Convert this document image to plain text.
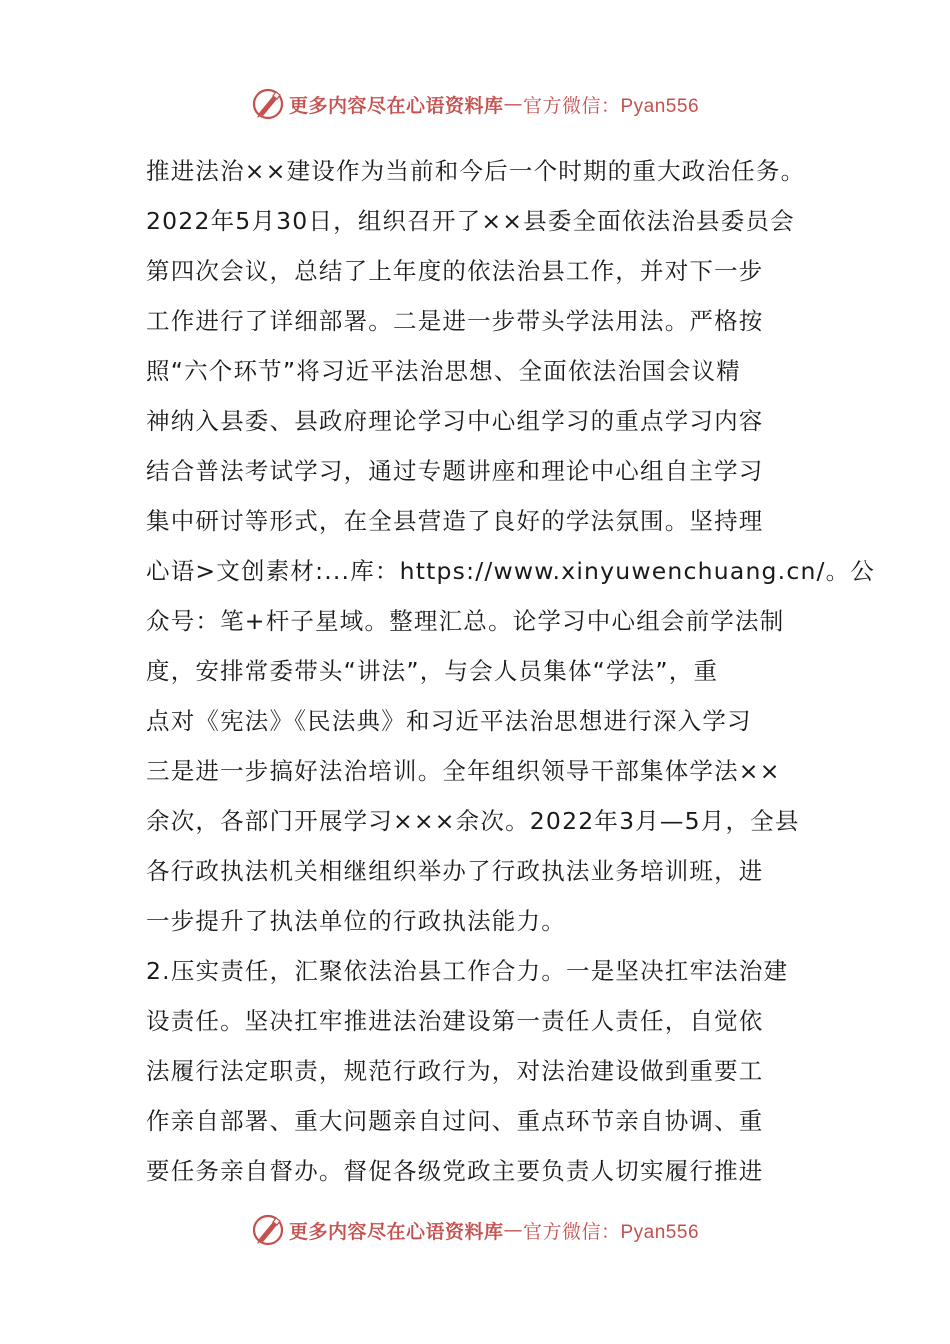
更多内容尽在心语资料库 — 官方微信：Pyan556
推进法治××建设作为当前和今后一个时期的重大政治任务。
2022年5月30日，组织召开了××县委全面依法治县委员会
第四次会议，总结了上年度的依法治县工作，并对下一步
工作进行了详细部署。二是进一步带头学法用法。严格按
照“六个环节”将习近平法治思想、全面依法治国会议精
神纳入县委、县政府理论学习中心组学习的重点学习内容
结合普法考试学习，通过专题讲座和理论中心组自主学习
集中研讨等形式，在全县营造了良好的学法氛围。坚持理
心语>文创素材:...库：https://www.xinyuwenchuang.cn/。公
众号：笔+杆子星域。整理汇总。论学习中心组会前学法制
度，安排常委带头“讲法”，与会人员集体“学法”，重
点对《宪法》《民法典》和习近平法治思想进行深入学习
三是进一步搞好法治培训。全年组织领导干部集体学法××
余次，各部门开展学习×××余次。2022年3月—5月，全县
各行政执法机关相继组织举办了行政执法业务培训班，进
一步提升了执法单位的行政执法能力。
2.压实责任，汇聚依法治县工作合力。一是坚决扛牢法治建
设责任。坚决扛牢推进法治建设第一责任人责任，自觉依
法履行法定职责，规范行政行为，对法治建设做到重要工
作亲自部署、重大问题亲自过问、重点环节亲自协调、重
要任务亲自督办。督促各级党政主要负责人切实履行推进
更多内容尽在心语资料库 — 官方微信：Pyan556
